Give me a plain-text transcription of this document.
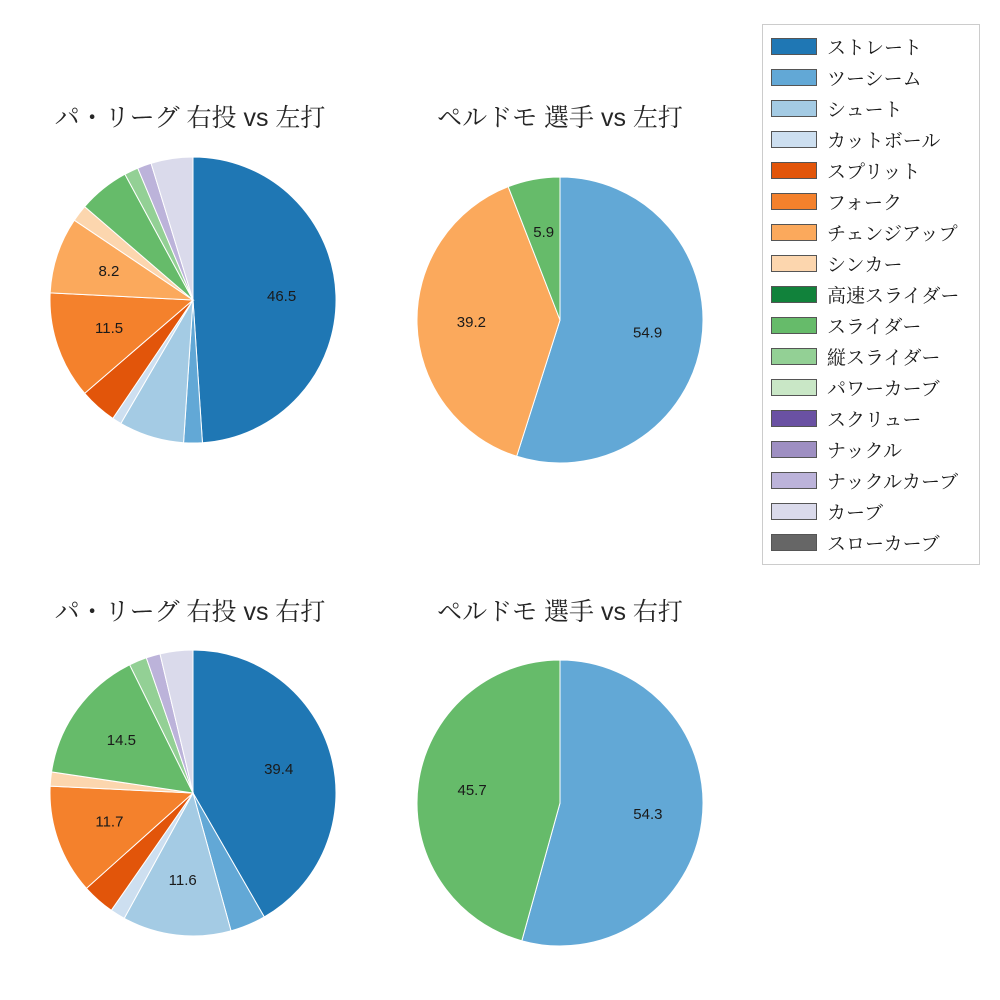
パ・リーグ 右投 vs 左打	ペルドモ 選手 vs 左打
パ・リーグ 右投 vs 右打	ペルドモ 選手 vs 右打
46.5
11.5
8.2
54.9
39.2
5.9
39.4
11.6
11.7
14.5
54.3
45.7
ストレート
ツーシーム
シュート
カットボール
スプリット
フォーク
チェンジアップ
シンカー
高速スライダー
スライダー
縦スライダー
パワーカーブ
スクリュー
ナックル
ナックルカーブ
カーブ
スローカーブ
